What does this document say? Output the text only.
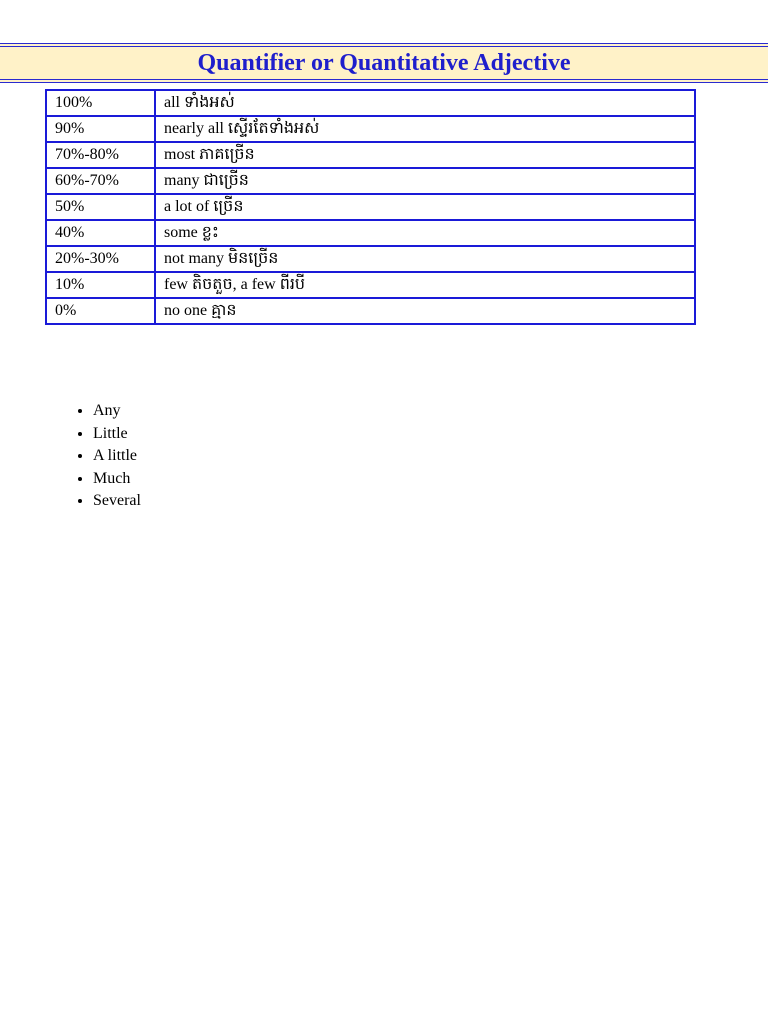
Quantifier or Quantitative Adjective
100%	all ទាំងអស់
90%	nearly all ស្ទើរតែទាំងអស់
70%-80%	most ភាគច្រើន
60%-70%	many ជាច្រើន
50%	a lot of ច្រើន
40%	some ខ្លះ
20%-30%	not many មិនច្រើន
10%	few តិចតួច, a few ពីរបី
0%	no one គ្មាន
• Any
• Little
• A little
• Much
• Several
